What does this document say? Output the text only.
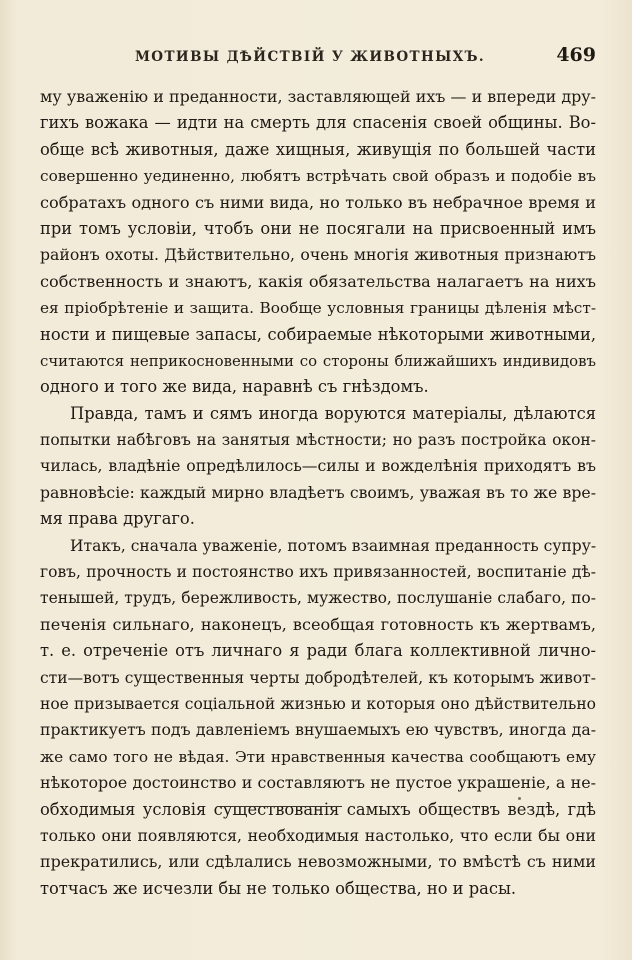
МОТИВЫ ДѢЙСТВІЙ У ЖИВОТНЫХЪ.	469
му уваженію и преданности, заставляющей ихъ — и впереди дру-
гихъ вожака — идти на смерть для спасенія своей общины. Во-
обще всѣ животныя, даже хищныя, живущія по большей части
совершенно уединенно, любятъ встрѣчать свой образъ и подобіе въ
собратахъ одного съ ними вида, но только въ небрачное время и
при томъ условіи, чтобъ они не посягали на присвоенный имъ
районъ охоты. Дѣйствительно, очень многія животныя признаютъ
собственность и знаютъ, какія обязательства налагаетъ на нихъ
ея пріобрѣтеніе и защита. Вообще условныя границы дѣленія мѣст-
ности и пищевые запасы, собираемые нѣкоторыми животными,
считаются неприкосновенными со стороны ближайшихъ индивидовъ
одного и того же вида, наравнѣ съ гнѣздомъ.
Правда, тамъ и сямъ иногда воруются матеріалы, дѣлаются
попытки набѣговъ на занятыя мѣстности; но разъ постройка окон-
чилась, владѣніе опредѣлилось—силы и вожделѣнія приходятъ въ
равновѣсіе: каждый мирно владѣетъ своимъ, уважая въ то же вре-
мя права другаго.
Итакъ, сначала уваженіе, потомъ взаимная преданность супру-
говъ, прочность и постоянство ихъ привязанностей, воспитаніе дѣ-
тенышей, трудъ, бережливость, мужество, послушаніе слабаго, по-
печенія сильнаго, наконецъ, всеобщая готовность къ жертвамъ,
т. е. отреченіе отъ личнаго я ради блага коллективной лично-
сти—вотъ существенныя черты добродѣтелей, къ которымъ живот-
ное призывается соціальной жизнью и которыя оно дѣйствительно
практикуетъ подъ давленіемъ внушаемыхъ ею чувствъ, иногда да-
же само того не вѣдая. Эти нравственныя качества сообщаютъ ему
нѣкоторое достоинство и составляютъ не пустое украшеніе, а не-
обходимыя условія существованія самыхъ обществъ вездѣ, гдѣ
только они появляются, необходимыя настолько, что если бы они
прекратились, или сдѣлались невозможными, то вмѣстѣ съ ними
тотчасъ же исчезли бы не только общества, но и расы.
